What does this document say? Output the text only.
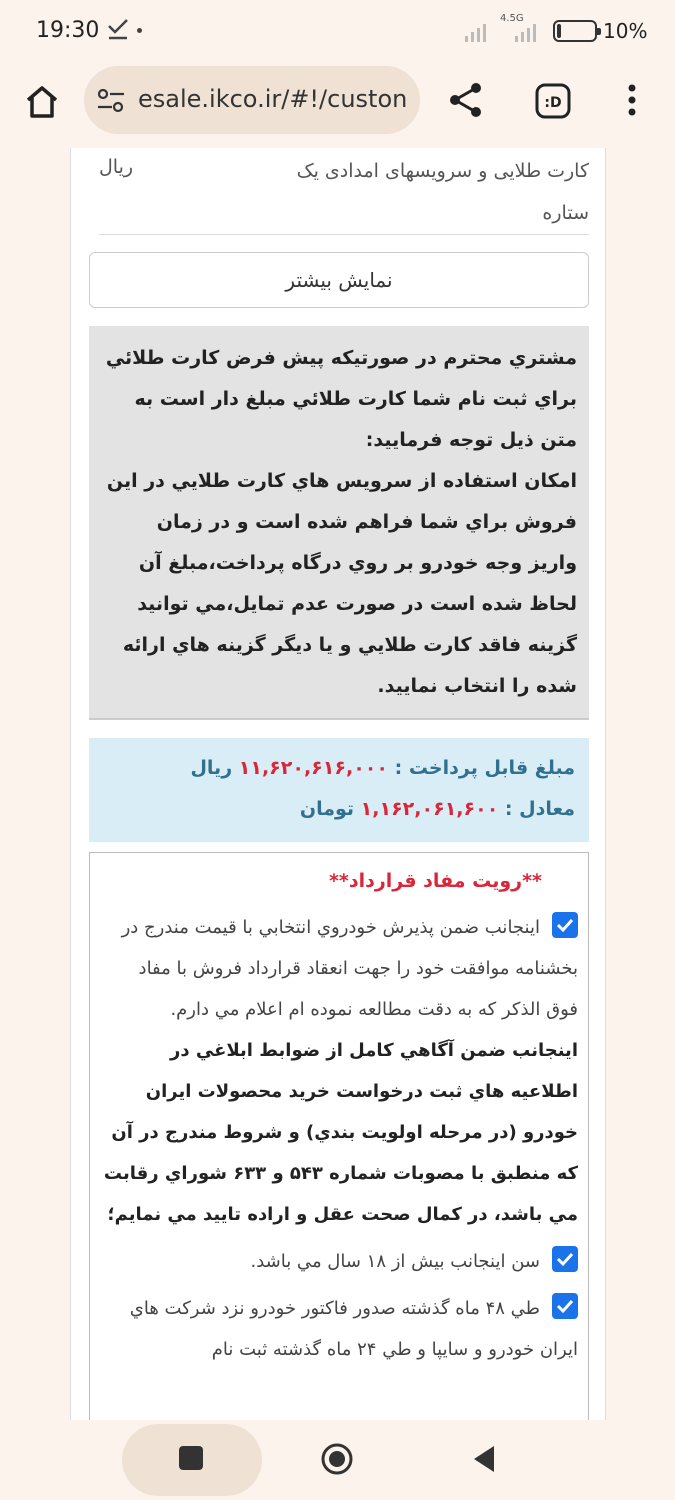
19:30	4.5G
10%
esale.ikco.ir/#!/custon	:D
کارت طلایی و سرویسهای امدادی یک ستاره
ریال
نمایش بیشتر

مشتري محترم در صورتيکه پيش فرض کارت طلائي براي ثبت نام شما کارت طلائي مبلغ دار است به متن ذيل توجه فرماييد:

امکان استفاده از سرويس هاي کارت طلايي در اين فروش براي شما فراهم شده است و در زمان واريز وجه خودرو بر روي درگاه پرداخت،مبلغ آن لحاظ شده است در صورت عدم تمايل،مي توانيد گزينه فاقد کارت طلايي و يا ديگر گزينه هاي ارائه شده را انتخاب نماييد.

مبلغ قابل پرداخت : ۱۱,۶۲۰,۶۱۶,۰۰۰ ريال     معادل : ۱,۱۶۲,۰۶۱,۶۰۰ تومان
**رويت مفاد قرارداد**
اينجانب ضمن پذيرش خودروي انتخابي با قيمت مندرج در بخشنامه موافقت خود را جهت انعقاد قرارداد فروش با مفاد فوق الذکر که به دقت مطالعه نموده ام اعلام مي دارم.
اينجانب ضمن آگاهي کامل از ضوابط ابلاغي در اطلاعيه هاي ثبت درخواست خريد محصولات ايران خودرو (در مرحله اولويت بندي) و شروط مندرج در آن که منطبق با مصوبات شماره ۵۴۳ و ۶۳۳ شوراي رقابت مي باشد، در کمال صحت عقل و اراده تاييد مي نمايم؛
سن اينجانب بيش از ۱۸ سال مي باشد.
طي ۴۸ ماه گذشته صدور فاکتور خودرو نزد شرکت هاي ايران خودرو و سايپا و طي ۲۴ ماه گذشته ثبت نام
